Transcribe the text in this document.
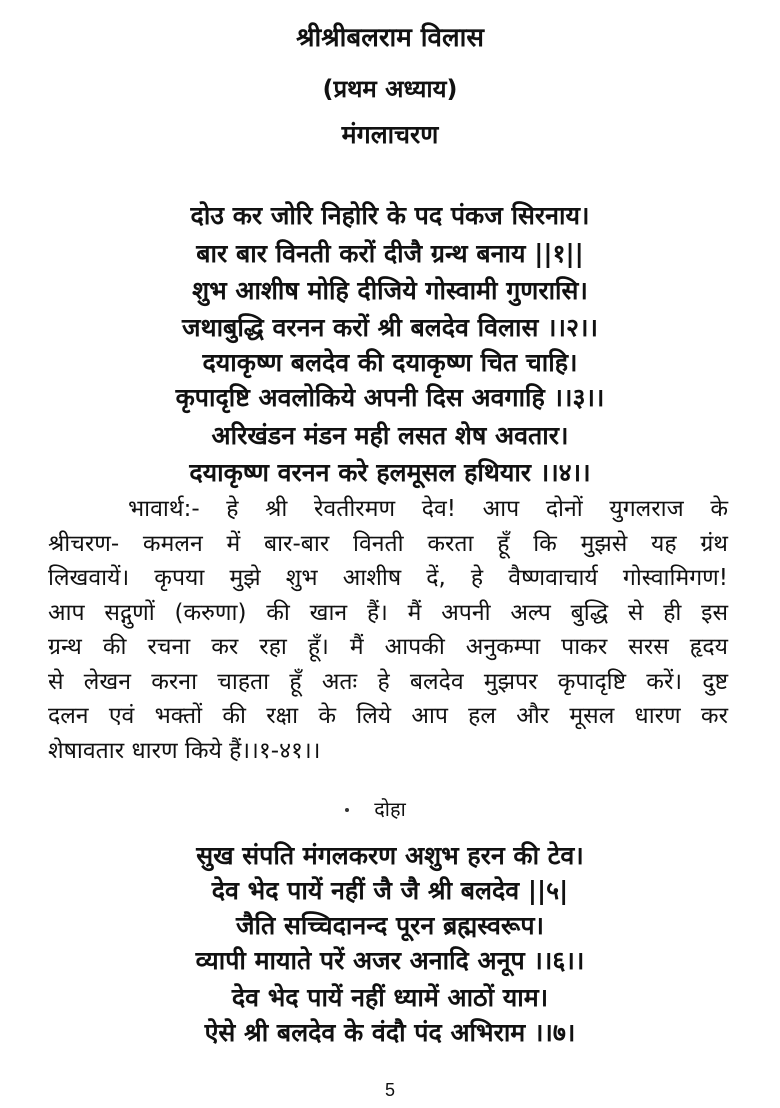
श्रीश्रीबलराम विलास
(प्रथम अध्याय)
मंगलाचरण
दोउ कर जोरि निहोरि के पद पंकज सिरनाय।
बार बार विनती करों दीजै ग्रन्थ बनाय ||१||
शुभ आशीष मोहि दीजिये गोस्वामी गुणरासि।
जथाबुद्धि वरनन करों श्री बलदेव विलास ।।२।।
दयाकृष्ण बलदेव की दयाकृष्ण चित चाहि।
कृपादृष्टि अवलोकिये अपनी दिस अवगाहि ।।३।।
अरिखंडन मंडन मही लसत शेष अवतार।
दयाकृष्ण वरनन करे हलमूसल हथियार ।।४।।
भावार्थ:- हे श्री रेवतीरमण देव! आप दोनों युगलराज के
श्रीचरण- कमलन में बार-बार विनती करता हूँ कि मुझसे यह ग्रंथ
लिखवायें। कृपया मुझे शुभ आशीष दें, हे वैष्णवाचार्य गोस्वामिगण!
आप सद्गुणों (करुणा) की खान हैं। मैं अपनी अल्प बुद्धि से ही इस
ग्रन्थ की रचना कर रहा हूँ। मैं आपकी अनुकम्पा पाकर सरस हृदय
से लेखन करना चाहता हूँ अतः हे बलदेव मुझपर कृपादृष्टि करें। दुष्ट
दलन एवं भक्तों की रक्षा के लिये आप हल और मूसल धारण कर
शेषावतार धारण किये हैं।।१-४१।।
दोहा
सुख संपति मंगलकरण अशुभ हरन की टेव।
देव भेद पायें नहीं जै जै श्री बलदेव ||५|
जैति सच्चिदानन्द पूरन ब्रह्मस्वरूप।
व्यापी मायाते परें अजर अनादि अनूप ।।६।।
देव भेद पायें नहीं ध्यामें आठों याम।
ऐसे श्री बलदेव के वंदौ पंद अभिराम ।।७।
5
